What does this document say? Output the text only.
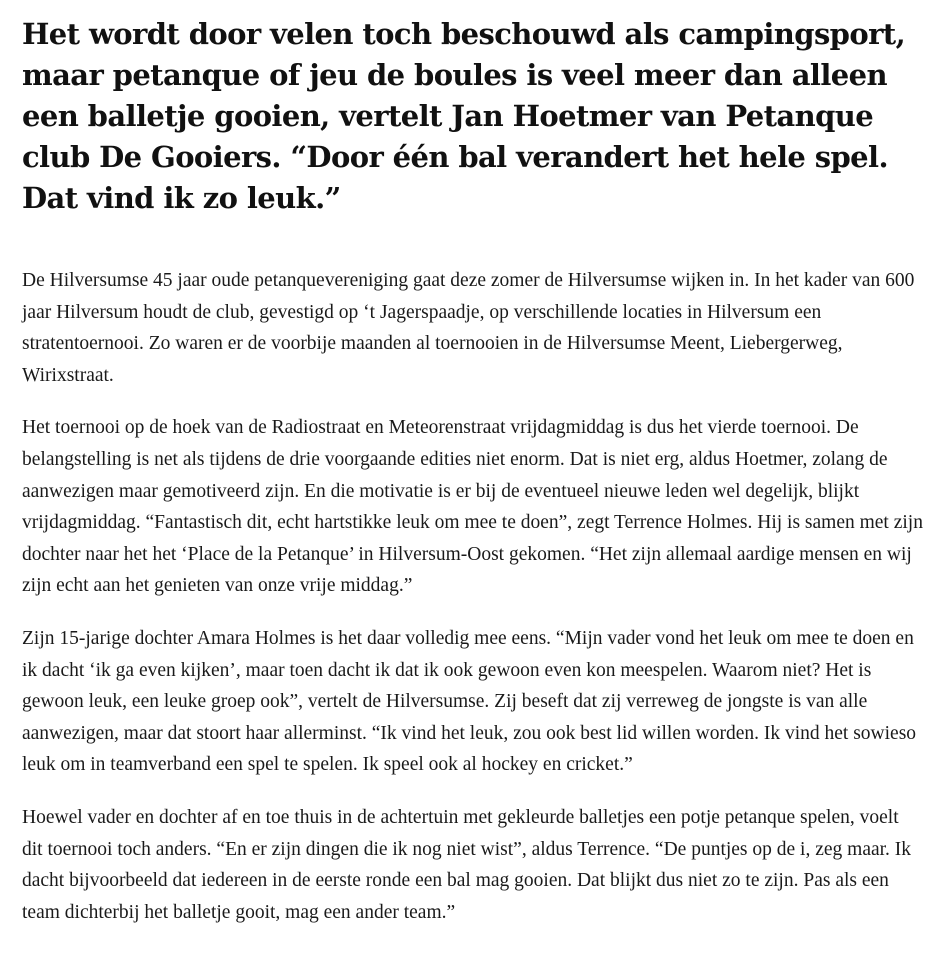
Het wordt door velen toch beschouwd als campingsport, maar petanque of jeu de boules is veel meer dan alleen een balletje gooien, vertelt Jan Hoetmer van Petanque club De Gooiers. “Door één bal verandert het hele spel. Dat vind ik zo leuk.”

De Hilversumse 45 jaar oude petanquevereniging gaat deze zomer de Hilversumse wijken in. In het kader van 600 jaar Hilversum houdt de club, gevestigd op ‘t Jagerspaadje, op verschillende locaties in Hilversum een stratentoernooi. Zo waren er de voorbije maanden al toernooien in de Hilversumse Meent, Liebergerweg, Wirixstraat.

Het toernooi op de hoek van de Radiostraat en Meteorenstraat vrijdagmiddag is dus het vierde toernooi. De belangstelling is net als tijdens de drie voorgaande edities niet enorm. Dat is niet erg, aldus Hoetmer, zolang de aanwezigen maar gemotiveerd zijn. En die motivatie is er bij de eventueel nieuwe leden wel degelijk, blijkt vrijdagmiddag. “Fantastisch dit, echt hartstikke leuk om mee te doen”, zegt Terrence Holmes. Hij is samen met zijn dochter naar het het ‘Place de la Petanque’ in Hilversum-Oost gekomen. “Het zijn allemaal aardige mensen en wij zijn echt aan het genieten van onze vrije middag.”

Zijn 15-jarige dochter Amara Holmes is het daar volledig mee eens. “Mijn vader vond het leuk om mee te doen en ik dacht ‘ik ga even kijken’, maar toen dacht ik dat ik ook gewoon even kon meespelen. Waarom niet? Het is gewoon leuk, een leuke groep ook”, vertelt de Hilversumse. Zij beseft dat zij verreweg de jongste is van alle aanwezigen, maar dat stoort haar allerminst. “Ik vind het leuk, zou ook best lid willen worden. Ik vind het sowieso leuk om in teamverband een spel te spelen. Ik speel ook al hockey en cricket.”

Hoewel vader en dochter af en toe thuis in de achtertuin met gekleurde balletjes een potje petanque spelen, voelt dit toernooi toch anders. “En er zijn dingen die ik nog niet wist”, aldus Terrence. “De puntjes op de i, zeg maar. Ik dacht bijvoorbeeld dat iedereen in de eerste ronde een bal mag gooien. Dat blijkt dus niet zo te zijn. Pas als een team dichterbij het balletje gooit, mag een ander team.”
